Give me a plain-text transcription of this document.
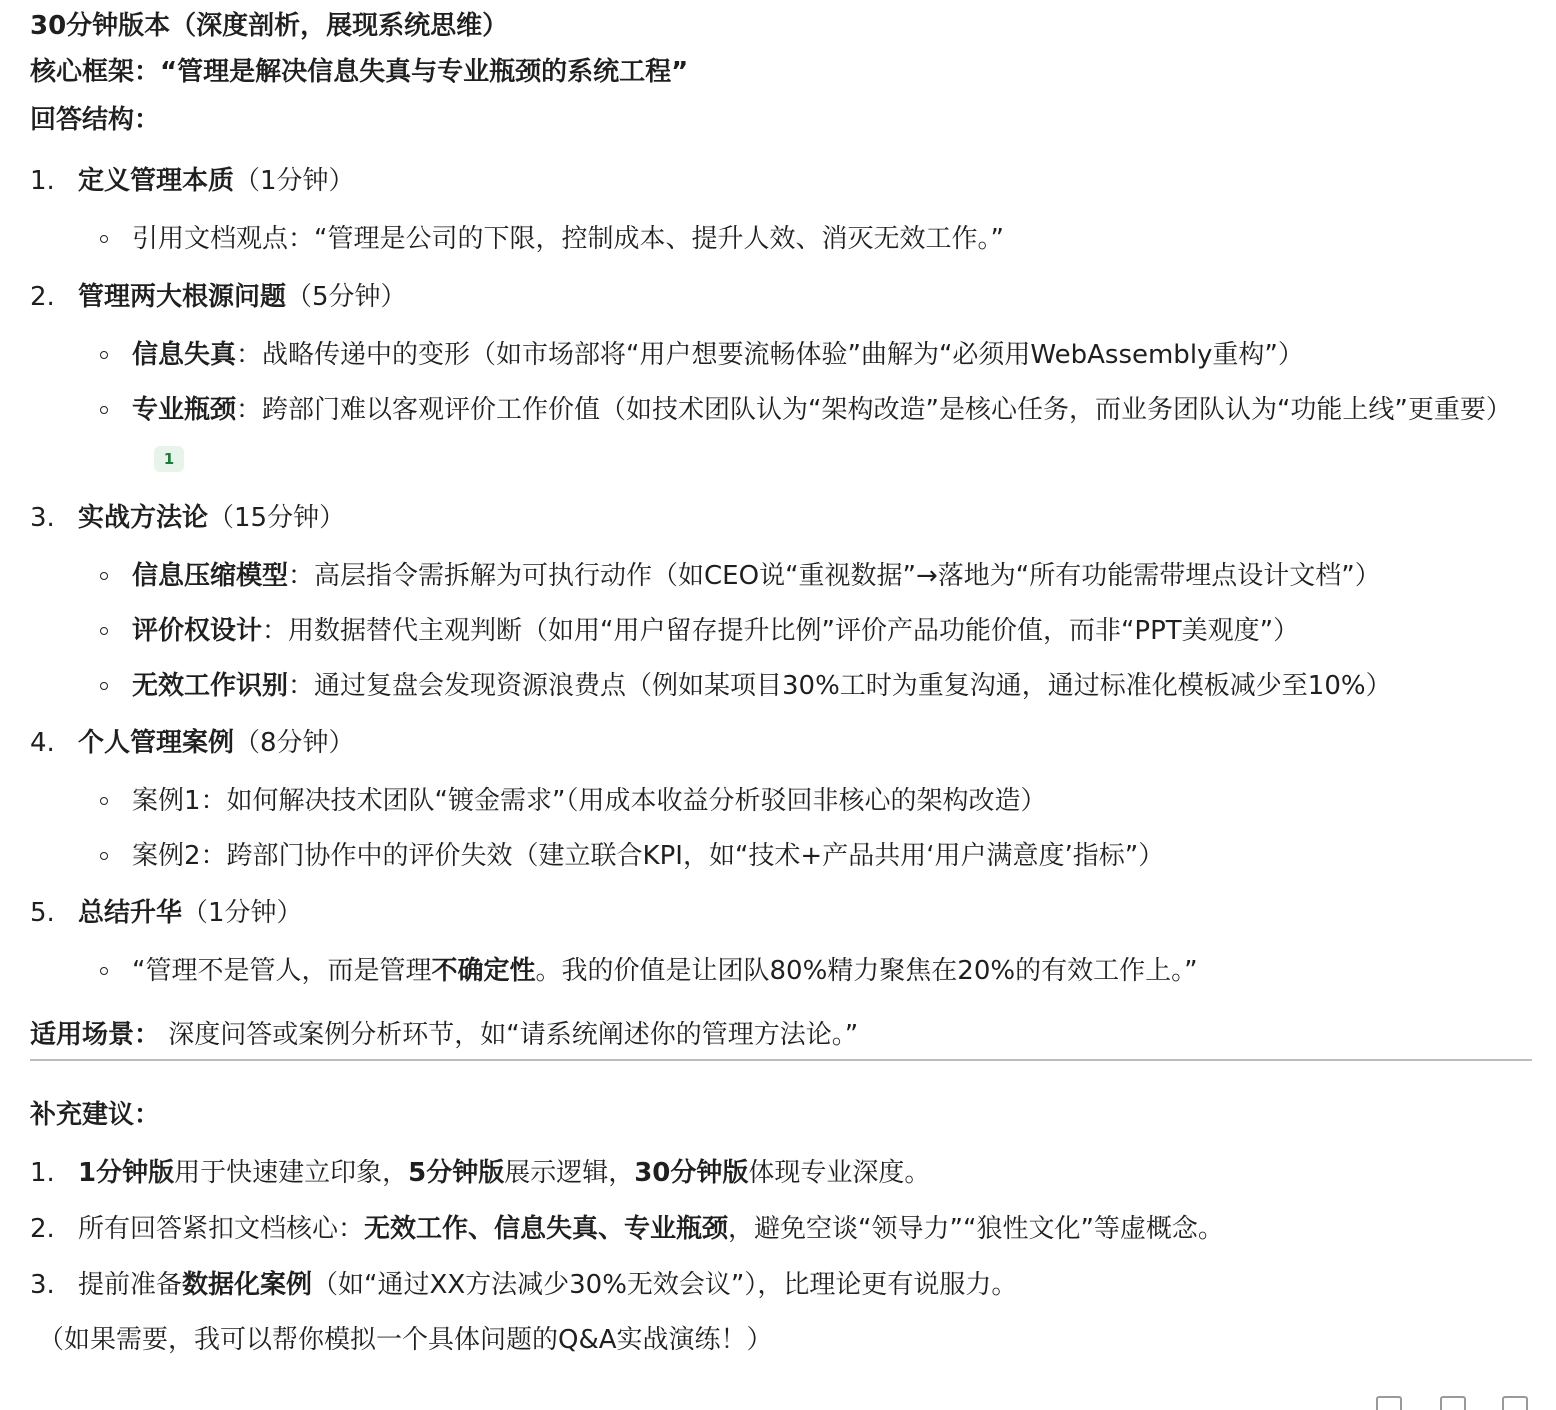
30分钟版本（深度剖析，展现系统思维）
核心框架：“管理是解决信息失真与专业瓶颈的系统工程”
回答结构：
1. 定义管理本质（1分钟）
引用文档观点：“管理是公司的下限，控制成本、提升人效、消灭无效工作。”
2. 管理两大根源问题（5分钟）
信息失真：战略传递中的变形（如市场部将“用户想要流畅体验”曲解为“必须用WebAssembly重构”）
专业瓶颈：跨部门难以客观评价工作价值（如技术团队认为“架构改造”是核心任务，而业务团队认为“功能上线”更重要）1
3. 实战方法论（15分钟）
信息压缩模型：高层指令需拆解为可执行动作（如CEO说“重视数据”→落地为“所有功能需带埋点设计文档”）
评价权设计：用数据替代主观判断（如用“用户留存提升比例”评价产品功能价值，而非“PPT美观度”）
无效工作识别：通过复盘会发现资源浪费点（例如某项目30%工时为重复沟通，通过标准化模板减少至10%）
4. 个人管理案例（8分钟）
案例1：如何解决技术团队“镀金需求”（用成本收益分析驳回非核心的架构改造）
案例2：跨部门协作中的评价失效（建立联合KPI，如“技术+产品共用‘用户满意度’指标”）
5. 总结升华（1分钟）
“管理不是管人，而是管理不确定性。我的价值是让团队80%精力聚焦在20%的有效工作上。”
适用场景： 深度问答或案例分析环节，如“请系统阐述你的管理方法论。”
补充建议：
1. 1分钟版用于快速建立印象，5分钟版展示逻辑，30分钟版体现专业深度。
2. 所有回答紧扣文档核心：无效工作、信息失真、专业瓶颈，避免空谈“领导力”“狼性文化”等虚概念。
3. 提前准备数据化案例（如“通过XX方法减少30%无效会议”），比理论更有说服力。
（如果需要，我可以帮你模拟一个具体问题的Q&A实战演练！）
